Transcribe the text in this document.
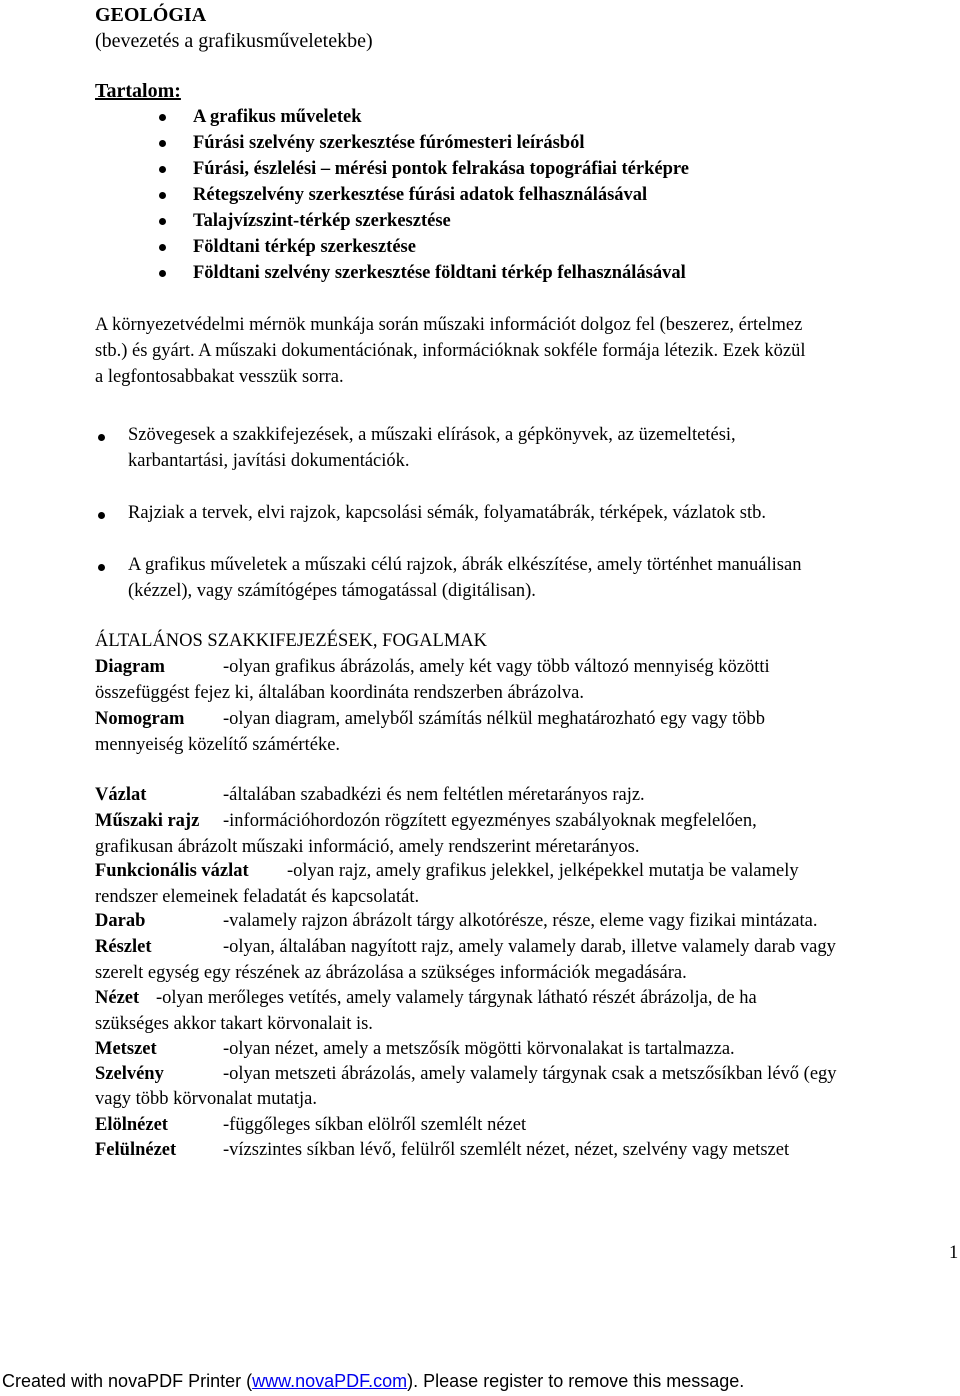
GEOLÓGIA
(bevezetés a grafikusműveletekbe)
Tartalom:
A grafikus műveletek
Fúrási szelvény szerkesztése fúrómesteri leírásból
Fúrási, észlelési – mérési pontok felrakása topográfiai térképre
Rétegszelvény szerkesztése fúrási adatok felhasználásával
Talajvízszint-térkép szerkesztése
Földtani térkép szerkesztése
Földtani szelvény szerkesztése földtani térkép felhasználásával
A környezetvédelmi mérnök munkája során műszaki információt dolgoz fel (beszerez, értelmez
stb.) és gyárt. A műszaki dokumentációnak, információknak sokféle formája létezik. Ezek közül
a legfontosabbakat vesszük sorra.
Szövegesek a szakkifejezések, a műszaki elírások, a gépkönyvek, az üzemeltetési,
karbantartási, javítási dokumentációk.
Rajziak a tervek, elvi rajzok, kapcsolási sémák, folyamatábrák, térképek, vázlatok stb.
A grafikus műveletek a műszaki célú rajzok, ábrák elkészítése, amely történhet manuálisan
(kézzel), vagy számítógépes támogatással (digitálisan).
ÁLTALÁNOS SZAKKIFEJEZÉSEK, FOGALMAK
Diagram	-olyan grafikus ábrázolás, amely két vagy több változó mennyiség közötti
összefüggést fejez ki, általában koordináta rendszerben ábrázolva.
Nomogram -olyan diagram, amelyből számítás nélkül meghatározható egy vagy több
mennyeiség közelítő számértéke.
Vázlat	-általában szabadkézi és nem feltétlen méretarányos rajz.
Műszaki rajz -információhordozón rögzített egyezményes szabályoknak megfelelően,
grafikusan ábrázolt műszaki információ, amely rendszerint méretarányos.
Funkcionális vázlat -olyan rajz, amely grafikus jelekkel, jelképekkel mutatja be valamely
rendszer elemeinek feladatát és kapcsolatát.
Darab	-valamely rajzon ábrázolt tárgy alkotórésze, része, eleme vagy fizikai mintázata.
Részlet	-olyan, általában nagyított rajz, amely valamely darab, illetve valamely darab vagy
szerelt egység egy részének az ábrázolása a szükséges információk megadására.
Nézet -olyan merőleges vetítés, amely valamely tárgynak látható részét ábrázolja, de ha
szükséges akkor takart körvonalait is.
Metszet	-olyan nézet, amely a metszősík mögötti körvonalakat is tartalmazza.
Szelvény	-olyan metszeti ábrázolás, amely valamely tárgynak csak a metszősíkban lévő (egy
vagy több körvonalat mutatja.
Elölnézet	-függőleges síkban elölről szemlélt nézet
Felülnézet	-vízszintes síkban lévő, felülről szemlélt nézet, nézet, szelvény vagy metszet
1
Created with novaPDF Printer (www.novaPDF.com). Please register to remove this message.
